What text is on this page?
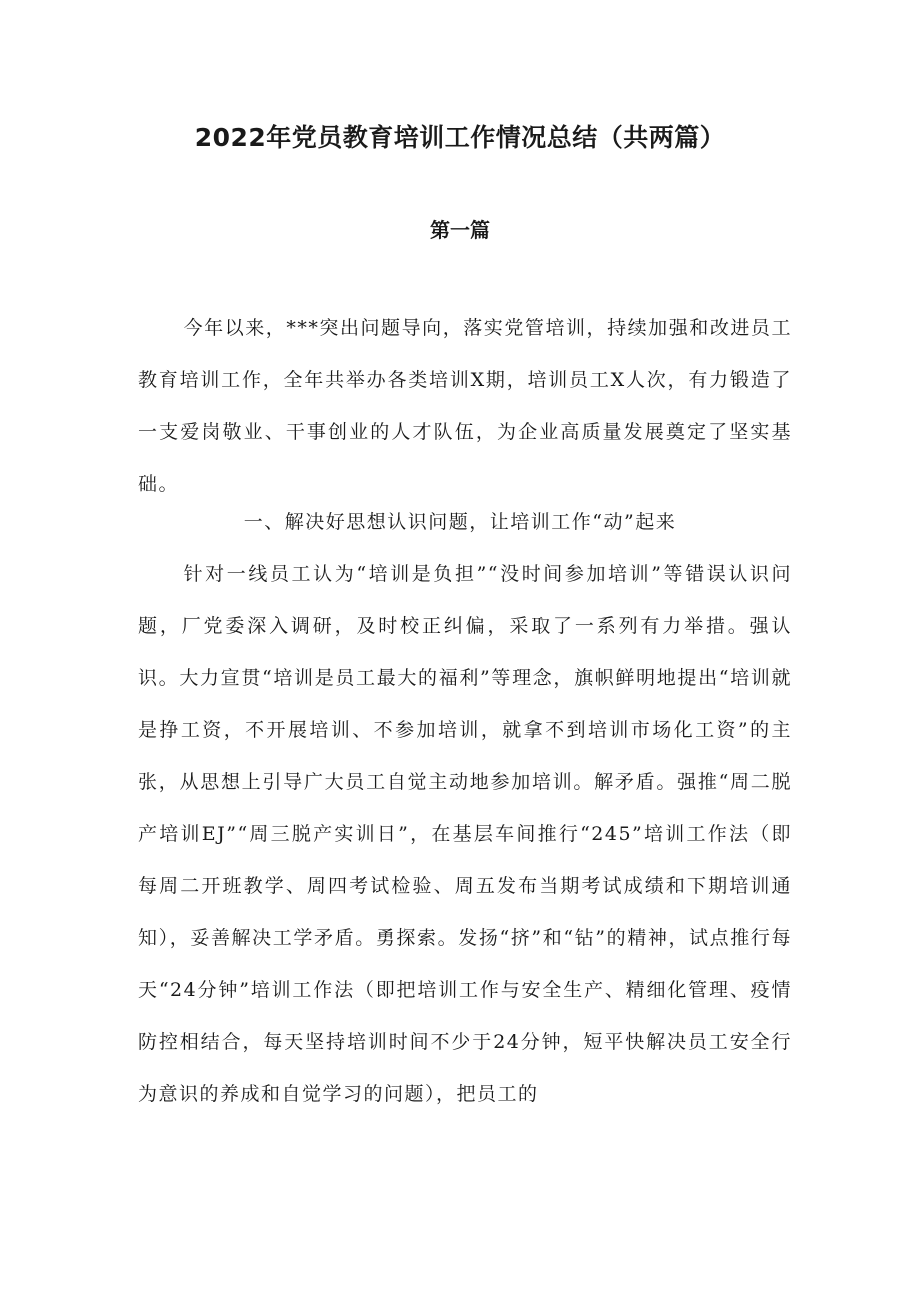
2022年党员教育培训工作情况总结（共两篇）
第一篇

今年以来，***突出问题导向，落实党管培训，持续加强和改进员工教育培训工作，全年共举办各类培训X期，培训员工X人次，有力锻造了一支爱岗敬业、干事创业的人才队伍，为企业高质量发展奠定了坚实基础。

一、解决好思想认识问题，让培训工作“动”起来

针对一线员工认为“培训是负担”“没时间参加培训”等错误认识问题，厂党委深入调研，及时校正纠偏，采取了一系列有力举措。强认识。大力宣贯“培训是员工最大的福利”等理念，旗帜鲜明地提出“培训就是挣工资，不开展培训、不参加培训，就拿不到培训市场化工资”的主张，从思想上引导广大员工自觉主动地参加培训。解矛盾。强推“周二脱产培训EJ”“周三脱产实训日”，在基层车间推行“245”培训工作法（即每周二开班教学、周四考试检验、周五发布当期考试成绩和下期培训通知），妥善解决工学矛盾。勇探索。发扬“挤”和“钻”的精神，试点推行每天“24分钟”培训工作法（即把培训工作与安全生产、精细化管理、疫情防控相结合，每天坚持培训时间不少于24分钟，短平快解决员工安全行为意识的养成和自觉学习的问题），把员工的
